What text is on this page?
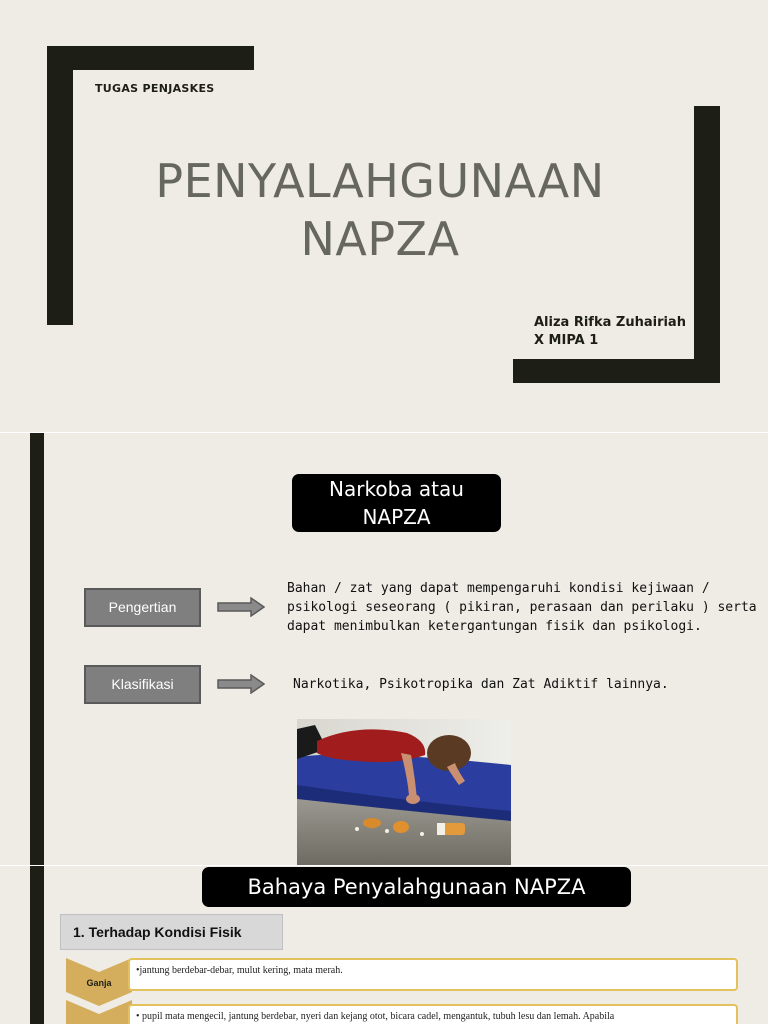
TUGAS PENJASKES
PENYALAHGUNAAN
NAPZA
Aliza Rifka Zuhairiah
X MIPA 1
Narkoba atau
NAPZA
Pengertian
Bahan / zat yang dapat mempengaruhi kondisi kejiwaan /
psikologi seseorang ( pikiran, perasaan dan perilaku ) serta
dapat menimbulkan ketergantungan fisik dan psikologi.
Klasifikasi	Narkotika, Psikotropika dan Zat Adiktif lainnya.
Bahaya Penyalahgunaan NAPZA
1. Terhadap Kondisi Fisik
Ganja
•jantung berdebar-debar, mulut kering, mata merah.
• pupil mata mengecil, jantung berdebar, nyeri dan kejang otot, bicara cadel, mengantuk, tubuh lesu dan lemah. Apabila
